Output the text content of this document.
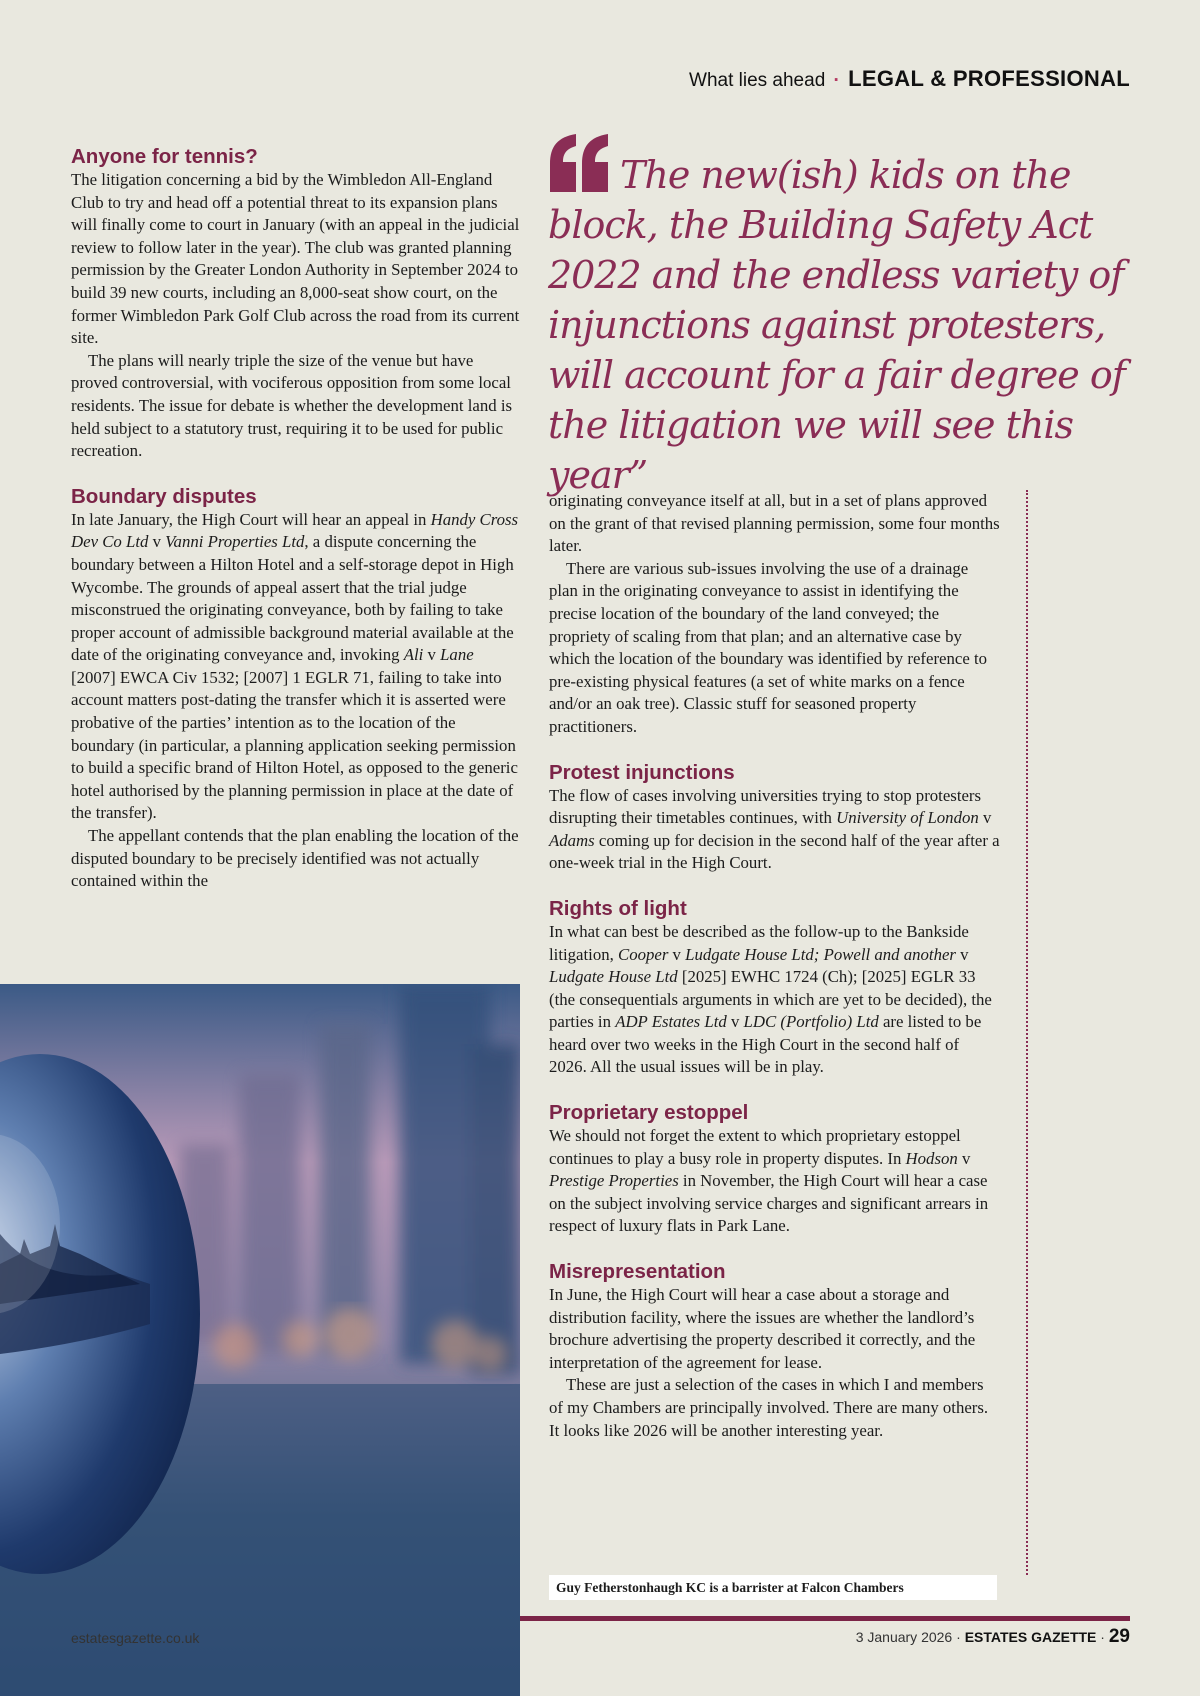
What lies ahead · LEGAL & PROFESSIONAL
The new(ish) kids on the block, the Building Safety Act 2022 and the endless variety of injunctions against protesters, will account for a fair degree of the litigation we will see this year”
Anyone for tennis?

The litigation concerning a bid by the Wimbledon All-England Club to try and head off a potential threat to its expansion plans will finally come to court in January (with an appeal in the judicial review to follow later in the year). The club was granted planning permission by the Greater London Authority in September 2024 to build 39 new courts, including an 8,000-seat show court, on the former Wimbledon Park Golf Club across the road from its current site.

The plans will nearly triple the size of the venue but have proved controversial, with vociferous opposition from some local residents. The issue for debate is whether the development land is held subject to a statutory trust, requiring it to be used for public recreation.

Boundary disputes

In late January, the High Court will hear an appeal in Handy Cross Dev Co Ltd v Vanni Properties Ltd, a dispute concerning the boundary between a Hilton Hotel and a self-storage depot in High Wycombe. The grounds of appeal assert that the trial judge misconstrued the originating conveyance, both by failing to take proper account of admissible background material available at the date of the originating conveyance and, invoking Ali v Lane [2007] EWCA Civ 1532; [2007] 1 EGLR 71, failing to take into account matters post-dating the transfer which it is asserted were probative of the parties’ intention as to the location of the boundary (in particular, a planning application seeking permission to build a specific brand of Hilton Hotel, as opposed to the generic hotel authorised by the planning permission in place at the date of the transfer).

The appellant contends that the plan enabling the location of the disputed boundary to be precisely identified was not actually contained within the

originating conveyance itself at all, but in a set of plans approved on the grant of that revised planning permission, some four months later.

There are various sub-issues involving the use of a drainage plan in the originating conveyance to assist in identifying the precise location of the boundary of the land conveyed; the propriety of scaling from that plan; and an alternative case by which the location of the boundary was identified by reference to pre-existing physical features (a set of white marks on a fence and/or an oak tree). Classic stuff for seasoned property practitioners.

Protest injunctions

The flow of cases involving universities trying to stop protesters disrupting their timetables continues, with University of London v Adams coming up for decision in the second half of the year after a one-week trial in the High Court.

Rights of light

In what can best be described as the follow-up to the Bankside litigation, Cooper v Ludgate House Ltd; Powell and another v Ludgate House Ltd [2025] EWHC 1724 (Ch); [2025] EGLR 33 (the consequentials arguments in which are yet to be decided), the parties in ADP Estates Ltd v LDC (Portfolio) Ltd are listed to be heard over two weeks in the High Court in the second half of 2026. All the usual issues will be in play.

Proprietary estoppel

We should not forget the extent to which proprietary estoppel continues to play a busy role in property disputes. In Hodson v Prestige Properties in November, the High Court will hear a case on the subject involving service charges and significant arrears in respect of luxury flats in Park Lane.

Misrepresentation

In June, the High Court will hear a case about a storage and distribution facility, where the issues are whether the landlord’s brochure advertising the property described it correctly, and the interpretation of the agreement for lease.

These are just a selection of the cases in which I and members of my Chambers are principally involved. There are many others. It looks like 2026 will be another interesting year.

Guy Fetherstonhaugh KC is a barrister at Falcon Chambers
estatesgazette.co.uk	3 January 2026 · ESTATES GAZETTE · 29
